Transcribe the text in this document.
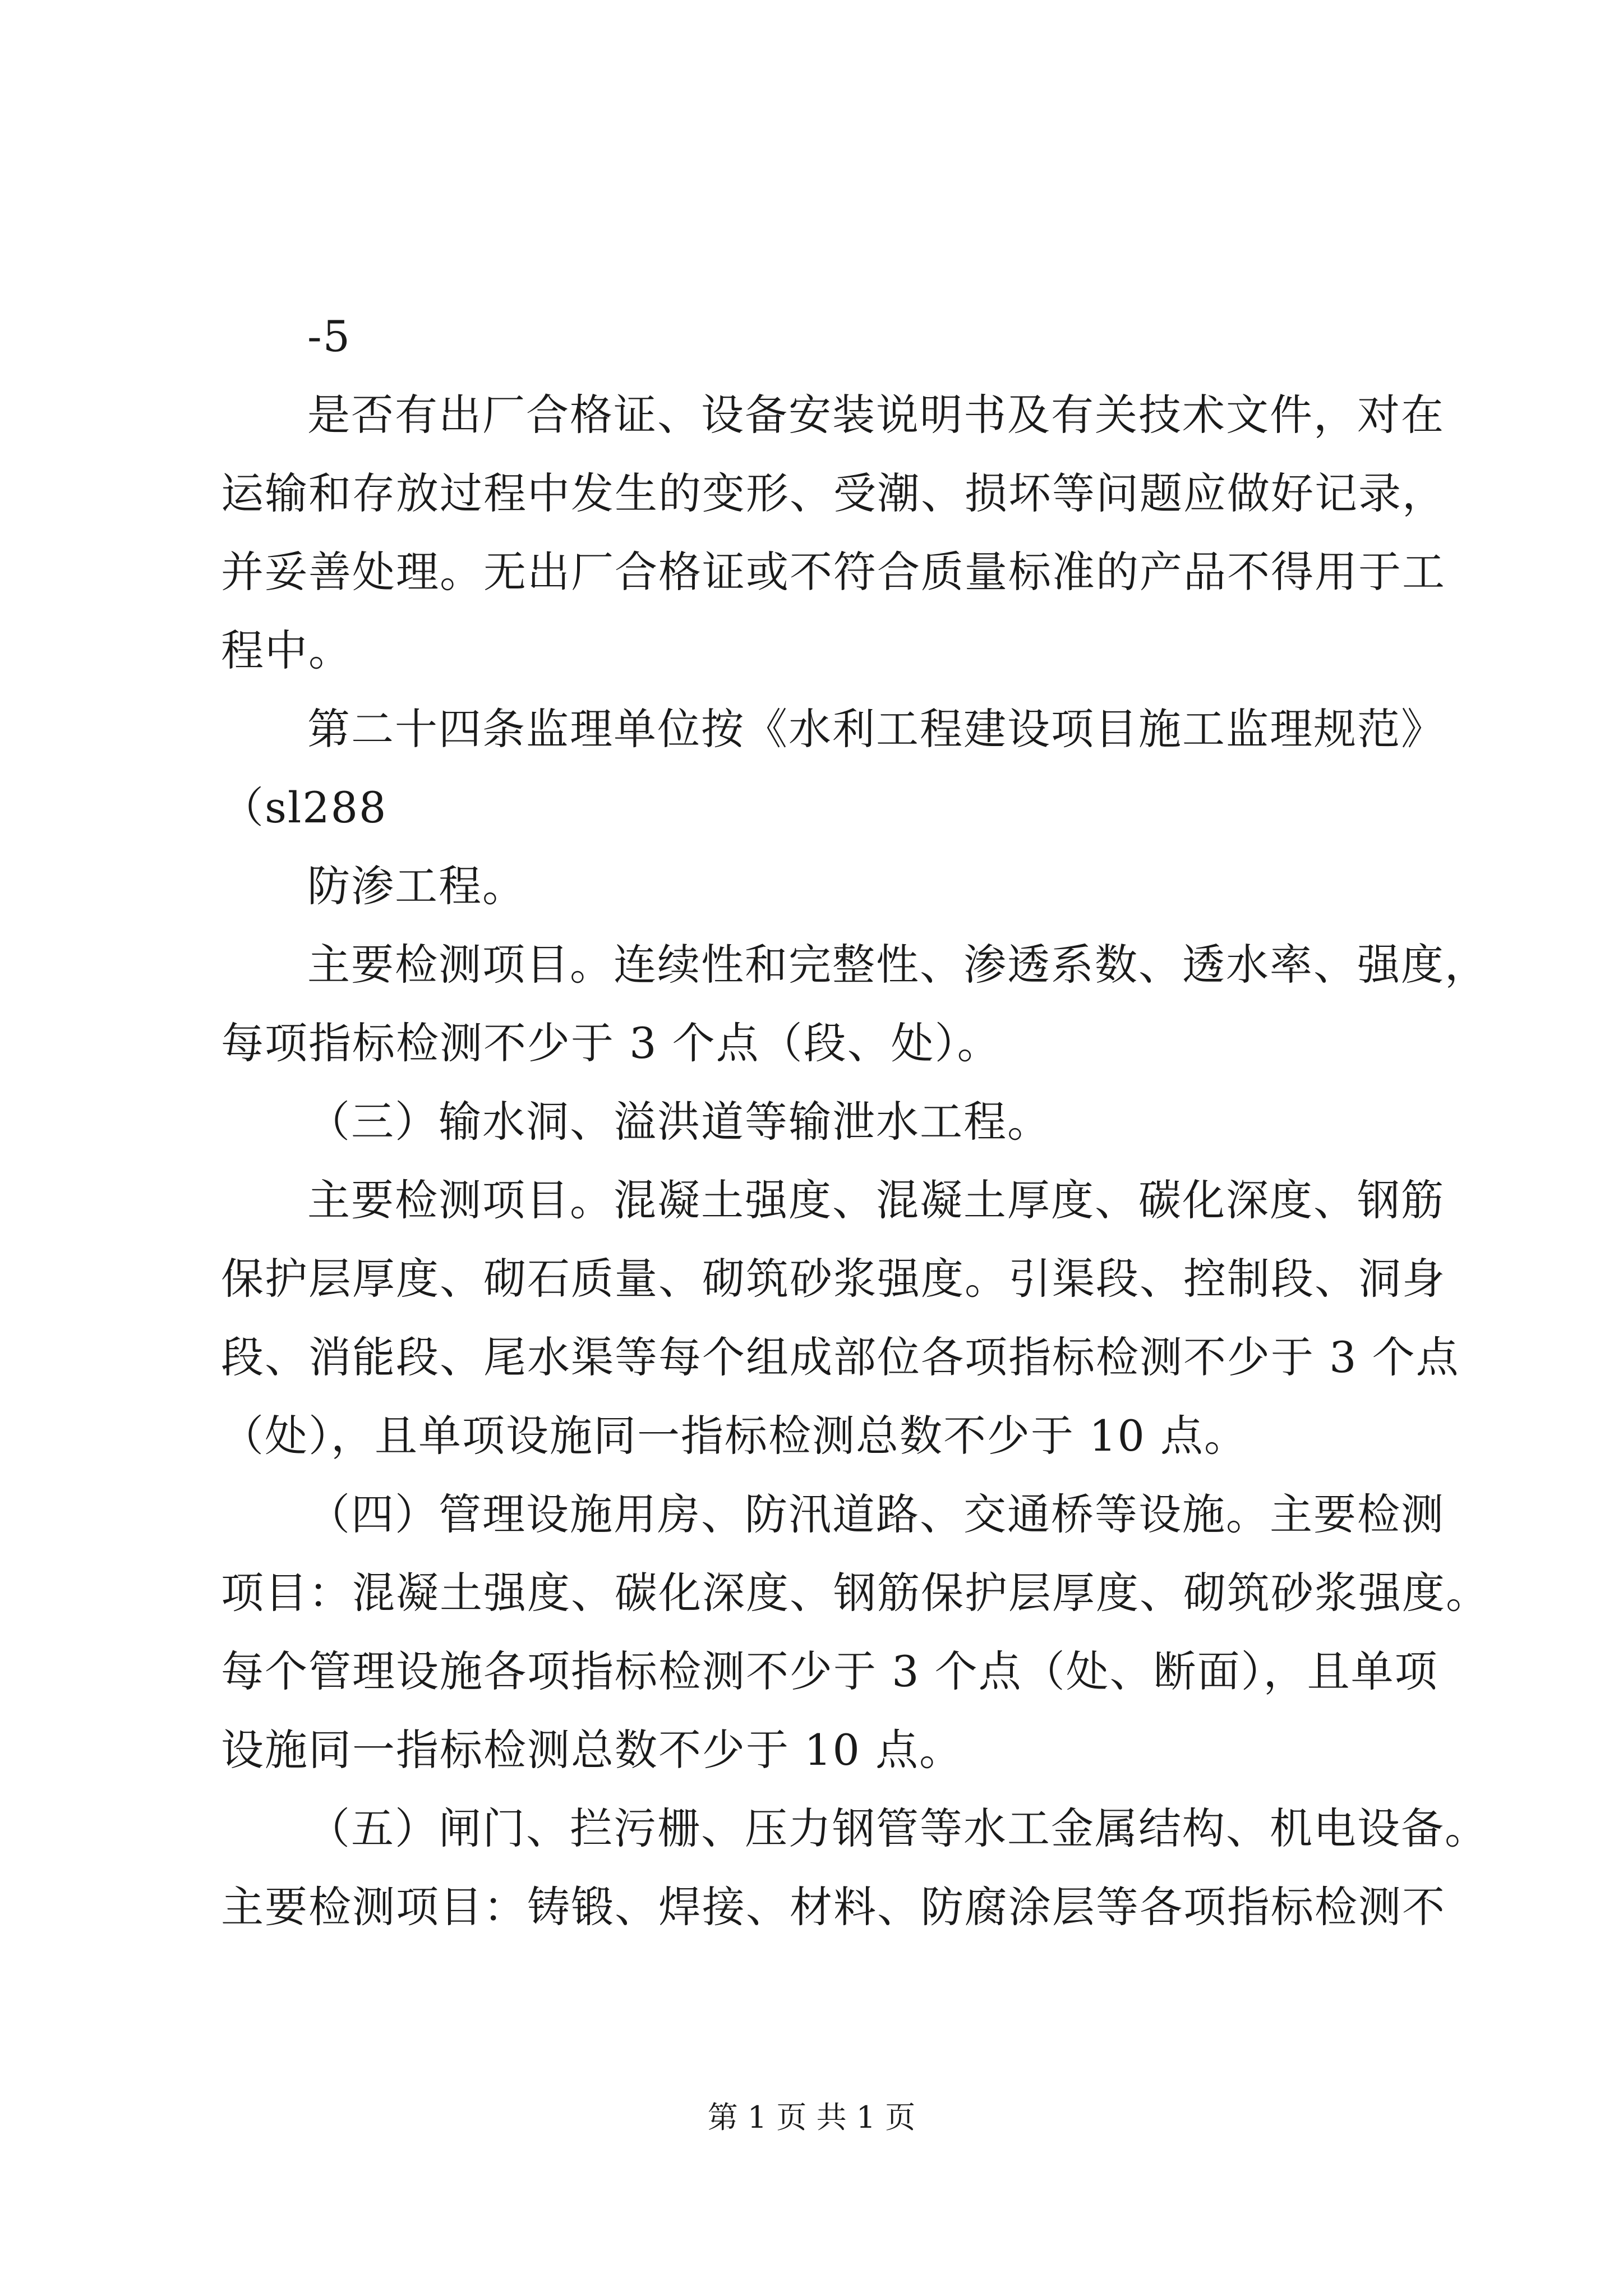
-5
是否有出厂合格证、设备安装说明书及有关技术文件，对在
运输和存放过程中发生的变形、受潮、损坏等问题应做好记录，
并妥善处理。无出厂合格证或不符合质量标准的产品不得用于工
程中。
第二十四条监理单位按《水利工程建设项目施工监理规范》
（sl288
防渗工程。
主要检测项目。连续性和完整性、渗透系数、透水率、强度，
每项指标检测不少于 3 个点（段、处）。
（三）输水洞、溢洪道等输泄水工程。
主要检测项目。混凝土强度、混凝土厚度、碳化深度、钢筋
保护层厚度、砌石质量、砌筑砂浆强度。引渠段、控制段、洞身
段、消能段、尾水渠等每个组成部位各项指标检测不少于 3 个点
（处），且单项设施同一指标检测总数不少于 10 点。
（四）管理设施用房、防汛道路、交通桥等设施。主要检测
项目：混凝土强度、碳化深度、钢筋保护层厚度、砌筑砂浆强度。
每个管理设施各项指标检测不少于 3 个点（处、断面），且单项
设施同一指标检测总数不少于 10 点。
（五）闸门、拦污栅、压力钢管等水工金属结构、机电设备。
主要检测项目：铸锻、焊接、材料、防腐涂层等各项指标检测不
第 1 页 共 1 页
